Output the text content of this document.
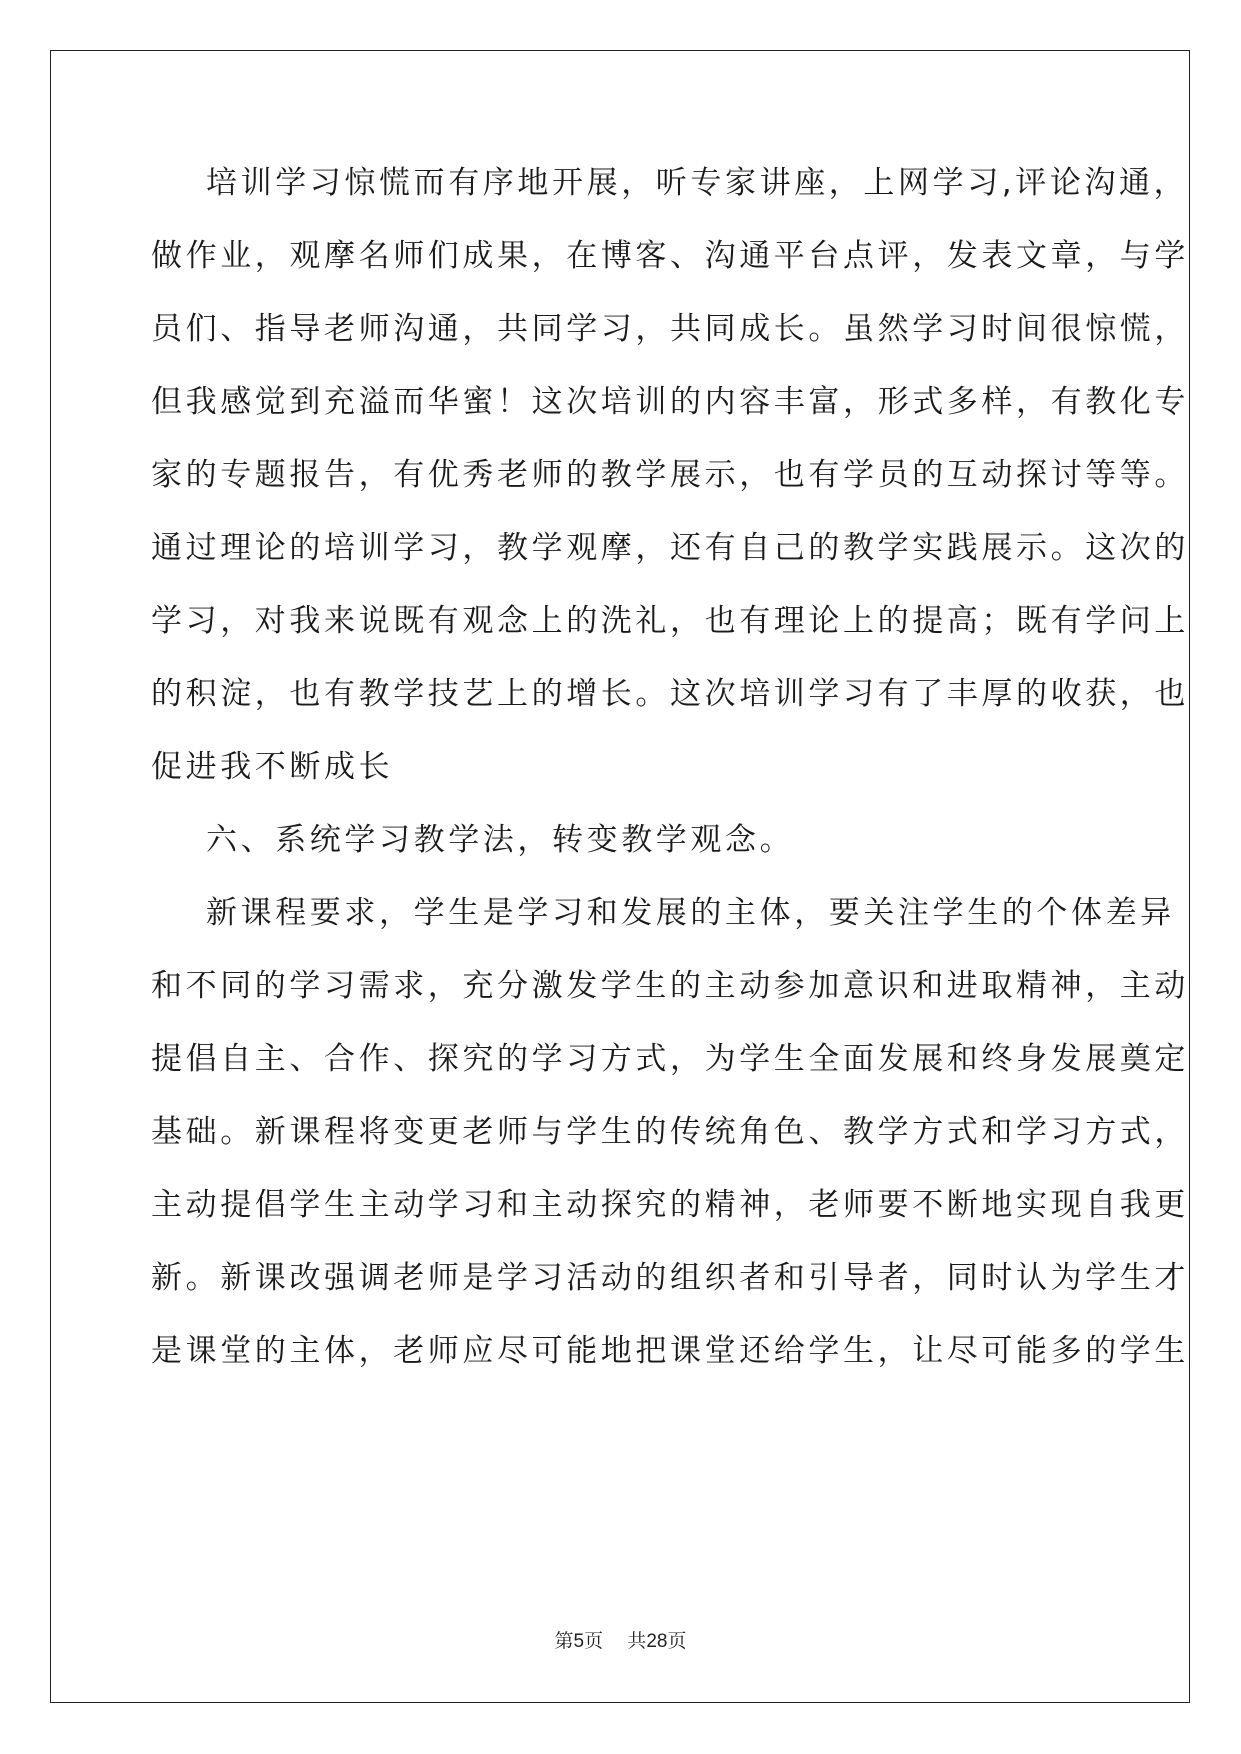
培训学习惊慌而有序地开展，听专家讲座，上网学习,评论沟通，
做作业，观摩名师们成果，在博客、沟通平台点评，发表文章，与学
员们、指导老师沟通，共同学习，共同成长。虽然学习时间很惊慌，
但我感觉到充溢而华蜜！这次培训的内容丰富，形式多样，有教化专
家的专题报告，有优秀老师的教学展示，也有学员的互动探讨等等。
通过理论的培训学习，教学观摩，还有自己的教学实践展示。这次的
学习，对我来说既有观念上的洗礼，也有理论上的提高；既有学问上
的积淀，也有教学技艺上的增长。这次培训学习有了丰厚的收获，也
促进我不断成长
六、系统学习教学法，转变教学观念。
新课程要求，学生是学习和发展的主体，要关注学生的个体差异
和不同的学习需求，充分激发学生的主动参加意识和进取精神，主动
提倡自主、合作、探究的学习方式，为学生全面发展和终身发展奠定
基础。新课程将变更老师与学生的传统角色、教学方式和学习方式，
主动提倡学生主动学习和主动探究的精神，老师要不断地实现自我更
新。新课改强调老师是学习活动的组织者和引导者，同时认为学生才
是课堂的主体，老师应尽可能地把课堂还给学生，让尽可能多的学生
第5页 共28页
